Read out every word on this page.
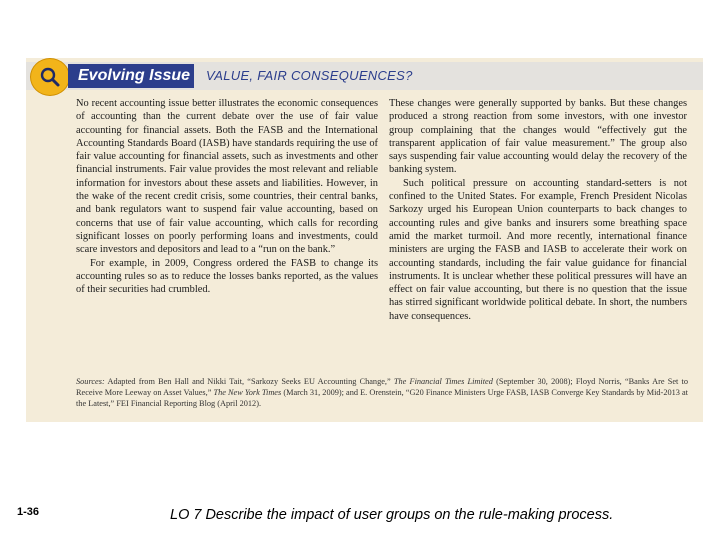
Evolving Issue	VALUE, FAIR CONSEQUENCES?

No recent accounting issue better illustrates the economic consequences of accounting than the current debate over the use of fair value accounting for financial assets. Both the FASB and the International Accounting Standards Board (IASB) have standards requiring the use of fair value accounting for financial assets, such as investments and other financial instruments. Fair value provides the most relevant and reliable information for investors about these assets and liabilities. However, in the wake of the recent credit crisis, some countries, their central banks, and bank regulators want to suspend fair value accounting, based on concerns that use of fair value accounting, which calls for recording significant losses on poorly performing loans and investments, could scare investors and depositors and lead to a “run on the bank.”

For example, in 2009, Congress ordered the FASB to change its accounting rules so as to reduce the losses banks reported, as the values of their securities had crumbled.

These changes were generally supported by banks. But these changes produced a strong reaction from some investors, with one investor group complaining that the changes would “effectively gut the transparent application of fair value measurement.” The group also says suspending fair value accounting would delay the recovery of the banking system.

Such political pressure on accounting standard-setters is not confined to the United States. For example, French President Nicolas Sarkozy urged his European Union counterparts to back changes to accounting rules and give banks and insurers some breathing space amid the market turmoil. And more recently, international finance ministers are urging the FASB and IASB to accelerate their work on accounting standards, including the fair value guidance for financial instruments. It is unclear whether these political pressures will have an effect on fair value accounting, but there is no question that the issue has stirred significant worldwide political debate. In short, the numbers have consequences.

Sources: Adapted from Ben Hall and Nikki Tait, “Sarkozy Seeks EU Accounting Change,” The Financial Times Limited (September 30, 2008); Floyd Norris, “Banks Are Set to Receive More Leeway on Asset Values,” The New York Times (March 31, 2009); and E. Orenstein, “G20 Finance Ministers Urge FASB, IASB Converge Key Standards by Mid-2013 at the Latest,” FEI Financial Reporting Blog (April 2012).
1-36	LO 7 Describe the impact of user groups on the rule-making process.
